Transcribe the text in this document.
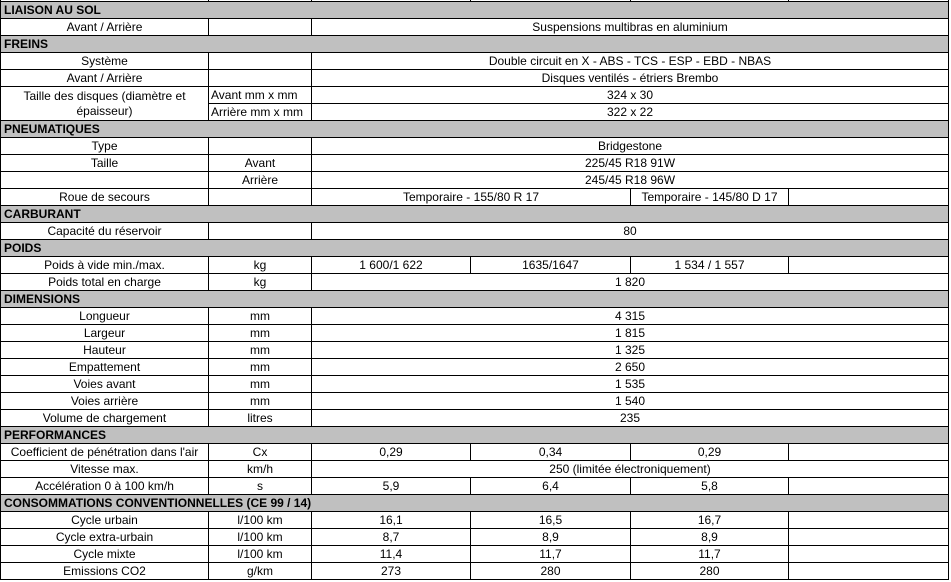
LIAISON AU SOL					
Avant / Arrière		Suspensions multibras en aluminium			
FREINS					
Système		Double circuit en X - ABS - TCS - ESP - EBD - NBAS			
Avant / Arrière		Disques ventilés - étriers Brembo			
Taille des disques (diamètre et épaisseur)	Avant mm x mm	324 x 30			
	Arrière mm x mm	322 x 22			
PNEUMATIQUES					
Type		Bridgestone			
Taille	Avant	225/45 R18 91W			
	Arrière	245/45 R18 96W			
Roue de secours		Temporaire - 155/80 R 17		Temporaire - 145/80 D 17	
CARBURANT					
Capacité du réservoir		80			
POIDS					
Poids à vide min./max.	kg	1 600/1 622	1635/1647	1 534 / 1 557	
Poids total en charge	kg	1 820			
DIMENSIONS					
Longueur	mm	4 315			
Largeur	mm	1 815			
Hauteur	mm	1 325			
Empattement	mm	2 650			
Voies avant	mm	1 535			
Voies arrière	mm	1 540			
Volume de chargement	litres	235			
PERFORMANCES					
Coefficient de pénétration dans l'air	Cx	0,29	0,34	0,29	
Vitesse max.	km/h	250 (limitée électroniquement)			
Accélération 0 à 100 km/h	s	5,9	6,4	5,8	
CONSOMMATIONS CONVENTIONNELLES (CE 99 / 14)					
Cycle urbain	l/100 km	16,1	16,5	16,7	
Cycle extra-urbain	l/100 km	8,7	8,9	8,9	
Cycle mixte	l/100 km	11,4	11,7	11,7	
Emissions CO2	g/km	273	280	280	
